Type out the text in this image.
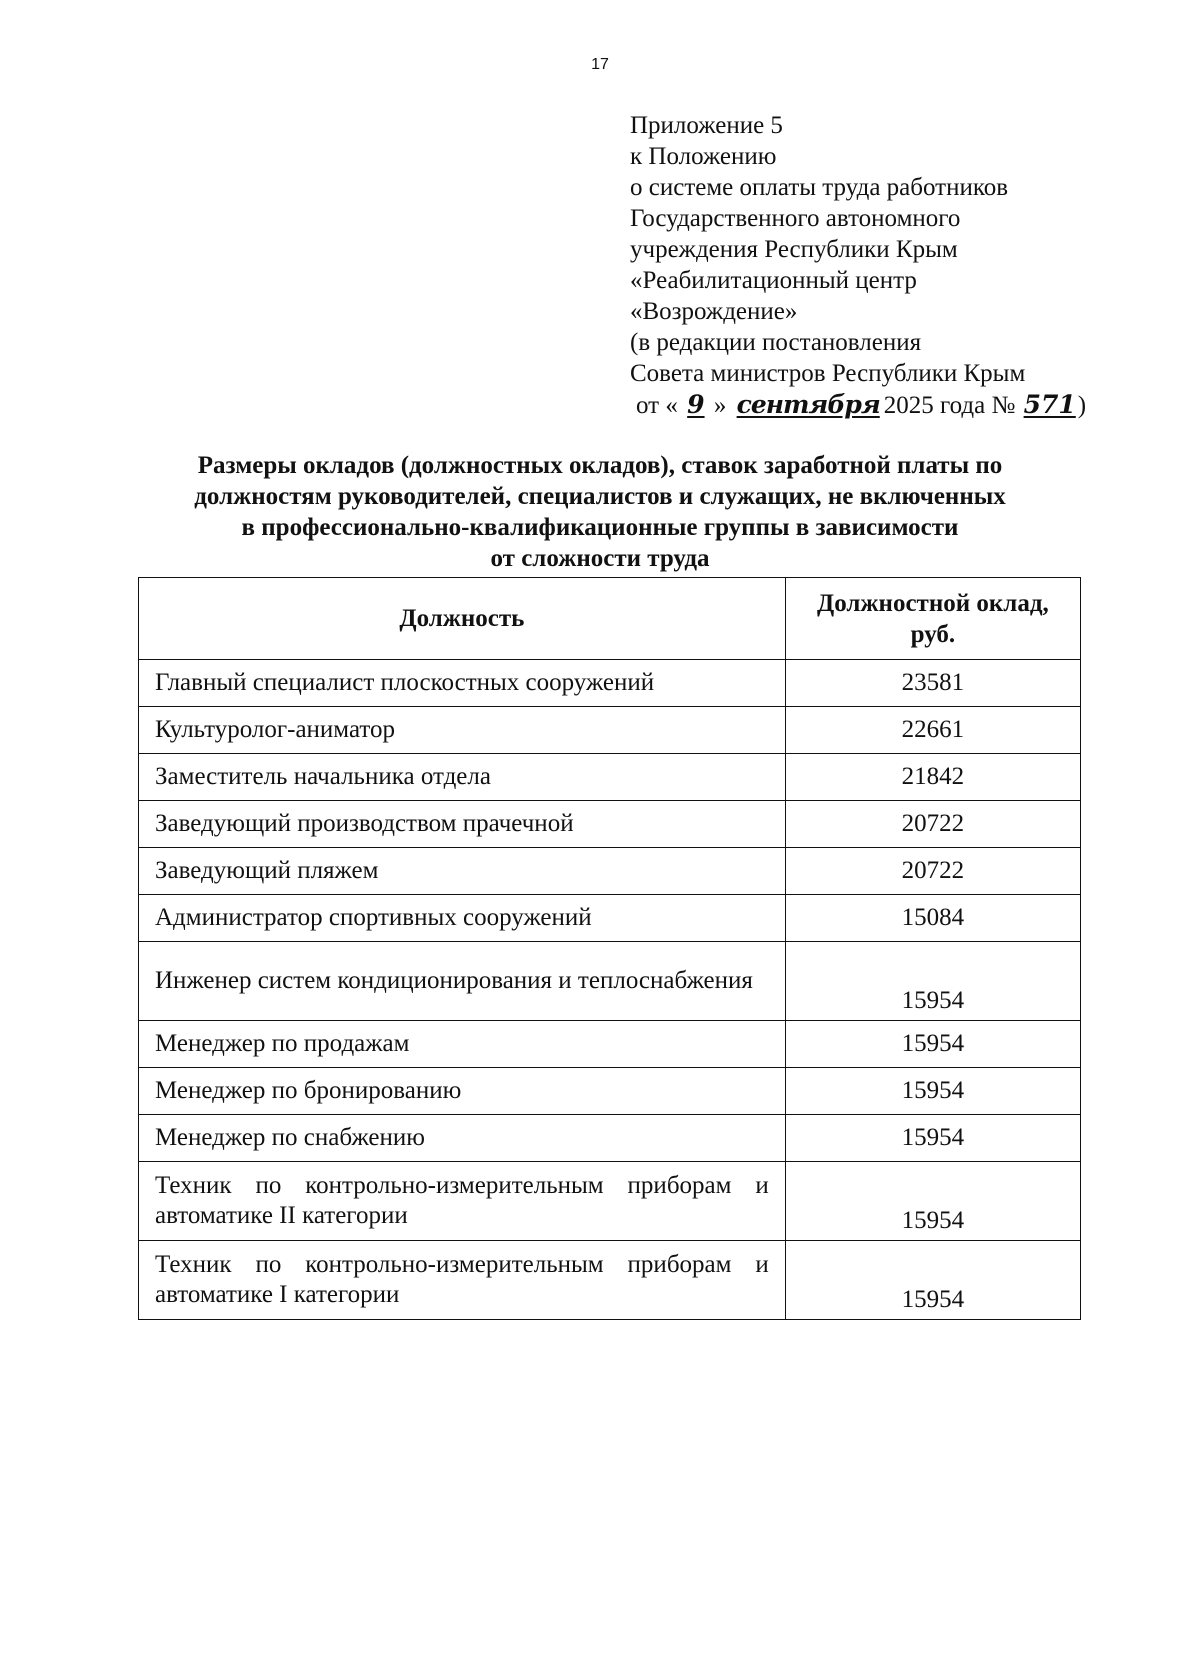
17
Приложение 5
к Положению
о системе оплаты труда работников
Государственного автономного
учреждения Республики Крым
«Реабилитационный центр
«Возрождение»
(в редакции постановления
Совета министров Республики Крым
от « 9 » сентября 2025 года № 571)
Размеры окладов (должностных окладов), ставок заработной платы по
должностям руководителей, специалистов и служащих, не включенных
в профессионально-квалификационные группы в зависимости
от сложности труда
Должность	Должностной оклад, руб.
Главный специалист плоскостных сооружений	23581
Культуролог-аниматор	22661
Заместитель начальника отдела	21842
Заведующий производством прачечной	20722
Заведующий пляжем	20722
Администратор спортивных сооружений	15084
Инженер систем кондиционирования и теплоснабжения	15954
Менеджер по продажам	15954
Менеджер по бронированию	15954
Менеджер по снабжению	15954
Техник по контрольно-измерительным приборам и автоматике II категории	15954
Техник по контрольно-измерительным приборам и автоматике I категории	15954
